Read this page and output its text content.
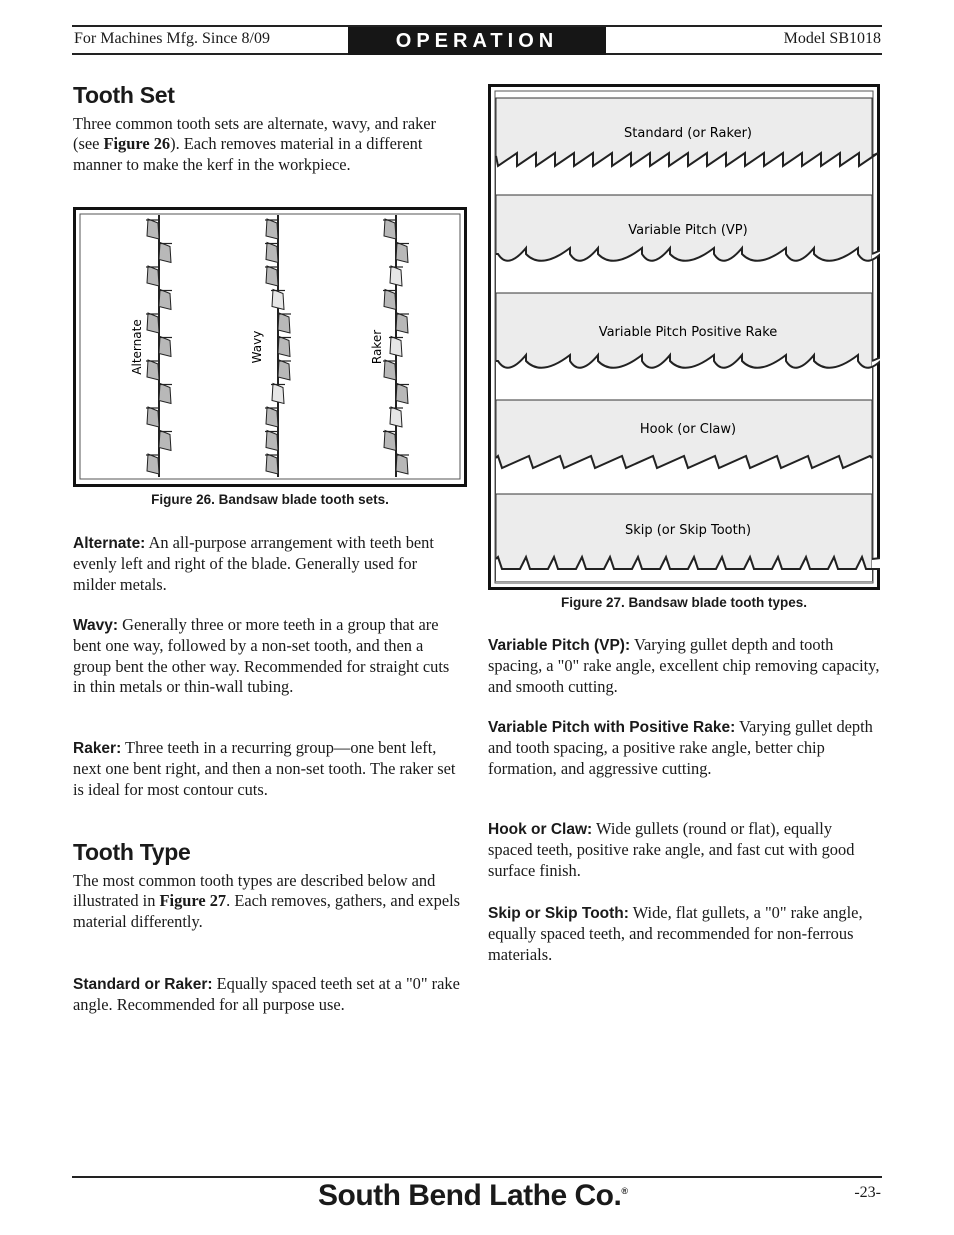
For Machines Mfg. Since 8/09	OPERATION	Model SB1018
Tooth Set

Three common tooth sets are alternate, wavy, and raker (see Figure 26). Each removes material in a different manner to make the kerf in the workpiece.

Alternate	Wavy	Raker
Figure 26. Bandsaw blade tooth sets.

Alternate: An all-purpose arrangement with teeth bent evenly left and right of the blade. Generally used for milder metals.

Wavy: Generally three or more teeth in a group that are bent one way, followed by a non-set tooth, and then a group bent the other way. Recommended for straight cuts in thin metals or thin-wall tubing.

Raker: Three teeth in a recurring group—one bent left, next one bent right, and then a non-set tooth. The raker set is ideal for most contour cuts.

Tooth Type

The most common tooth types are described below and illustrated in Figure 27. Each removes, gathers, and expels material differently.

Standard or Raker: Equally spaced teeth set at a "0" rake angle. Recommended for all purpose use.

Standard (or Raker)
Variable Pitch (VP)
Variable Pitch Positive Rake
Hook (or Claw)
Skip (or Skip Tooth)
Figure 27. Bandsaw blade tooth types.

Variable Pitch (VP): Varying gullet depth and tooth spacing, a "0" rake angle, excellent chip removing capacity, and smooth cutting.

Variable Pitch with Positive Rake: Varying gullet depth and tooth spacing, a positive rake angle, better chip formation, and aggressive cutting.

Hook or Claw: Wide gullets (round or flat), equally spaced teeth, positive rake angle, and fast cut with good surface finish.

Skip or Skip Tooth: Wide, flat gullets, a "0" rake angle, equally spaced teeth, and recommended for non-ferrous materials.

South Bend Lathe Co.®	-23-
